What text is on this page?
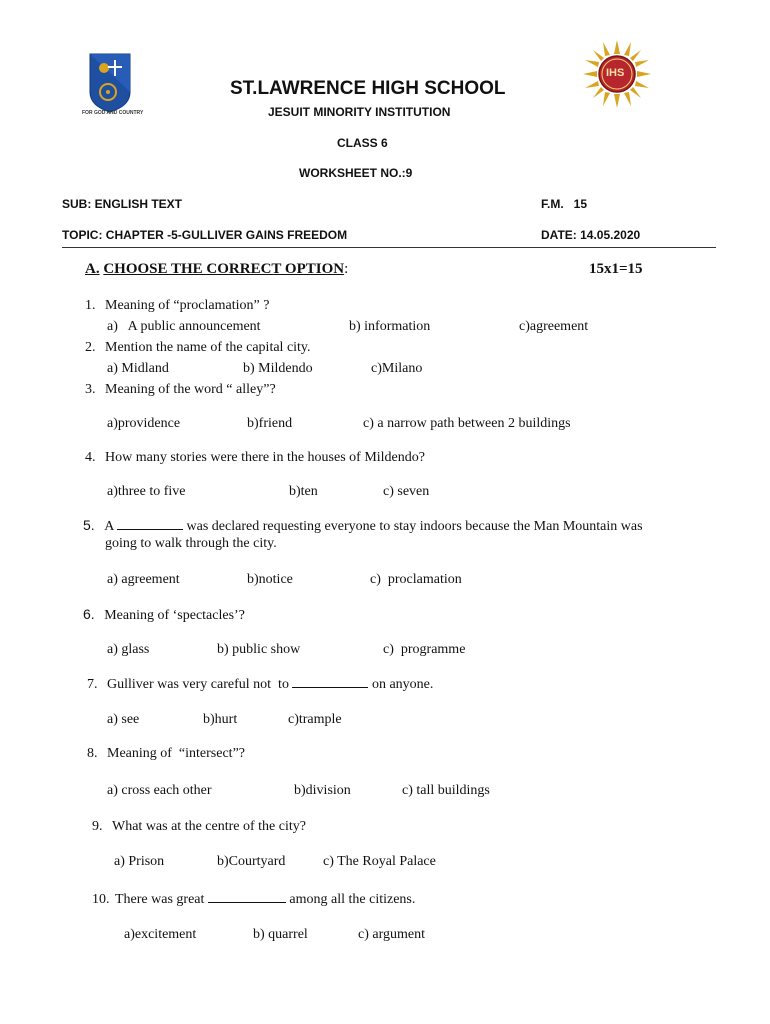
FOR GOD AND COUNTRY
IHS
ST.LAWRENCE HIGH SCHOOL
JESUIT MINORITY INSTITUTION
CLASS 6
WORKSHEET NO.:9
SUB: ENGLISH TEXT	F.M.   15
TOPIC: CHAPTER -5-GULLIVER GAINS FREEDOM	DATE: 14.05.2020
A. CHOOSE THE CORRECT OPTION:	15x1=15
1. Meaning of “proclamation” ?
a)   A public announcement	b) information	c)agreement
2. Mention the name of the capital city.
a) Midland	b) Mildendo	c)Milano
3. Meaning of the word “ alley”?
a)providence	b)friend	c) a narrow path between 2 buildings
4. How many stories were there in the houses of Mildendo?
a)three to five	b)ten	c) seven
5. A	was declared requesting everyone to stay indoors because the Man Mountain was
going to walk through the city.
a) agreement	b)notice	c)  proclamation
6. Meaning of ‘spectacles’?
a) glass	b) public show	c)  programme
7. Gulliver was very careful not  to	on anyone.
a) see	b)hurt	c)trample
8. Meaning of  “intersect”?
a) cross each other	b)division	c) tall buildings
9. What was at the centre of the city?
a) Prison	b)Courtyard	c) The Royal Palace
10. There was great	among all the citizens.
a)excitement	b) quarrel	c) argument
